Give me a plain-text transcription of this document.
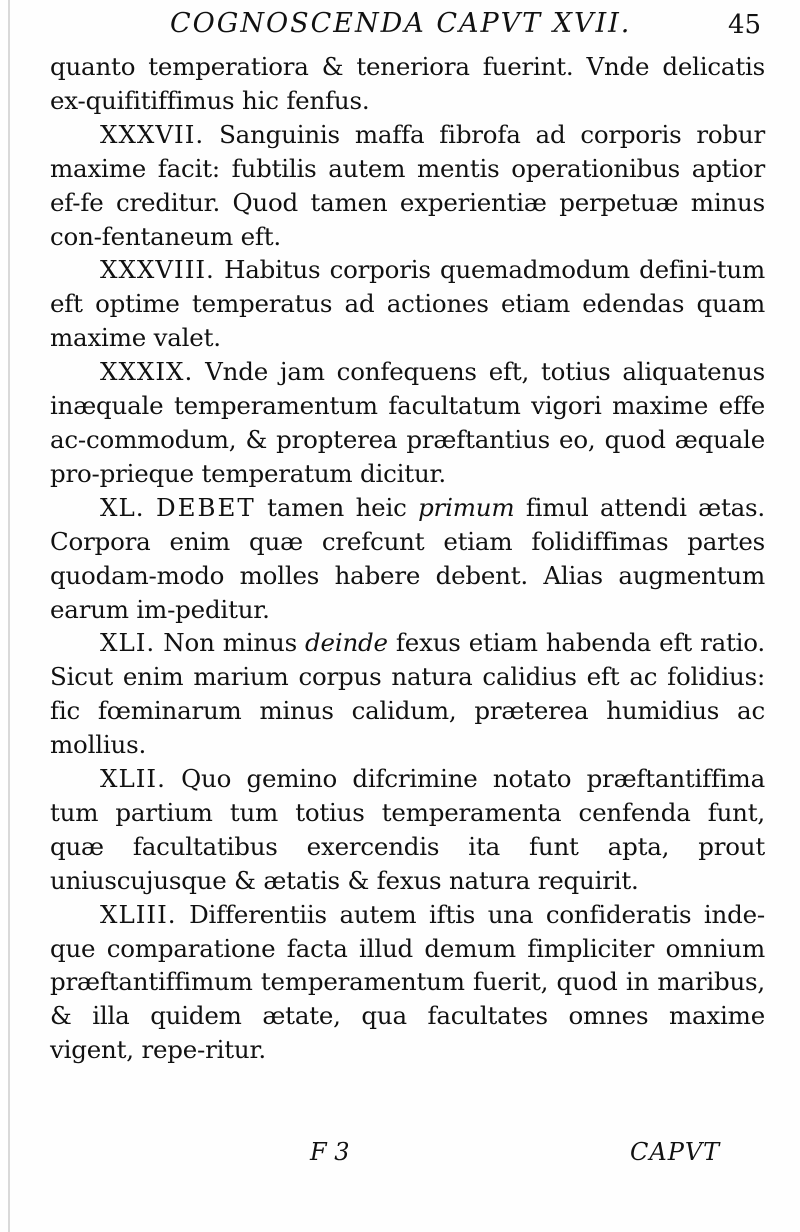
COGNOSCENDA CAPVT XVII.	45

quanto temperatiora & teneriora fuerint. Vnde delicatis ex-quifitiffimus hic fenfus.

XXXVII. Sanguinis maffa fibrofa ad corporis robur maxime facit: fubtilis autem mentis operationibus aptior ef-fe creditur. Quod tamen experientiæ perpetuæ minus con-fentaneum eft.

XXXVIII. Habitus corporis quemadmodum defini-tum eft optime temperatus ad actiones etiam edendas quam maxime valet.

XXXIX. Vnde jam confequens eft, totius aliquatenus inæquale temperamentum facultatum vigori maxime effe ac-commodum, & propterea præftantius eo, quod æquale pro-prieque temperatum dicitur.

XL. DEBET tamen heic primum fimul attendi ætas. Corpora enim quæ crefcunt etiam folidiffimas partes quodam-modo molles habere debent. Alias augmentum earum im-peditur.

XLI. Non minus deinde fexus etiam habenda eft ratio. Sicut enim marium corpus natura calidius eft ac folidius: fic fœminarum minus calidum, præterea humidius ac mollius.

XLII. Quo gemino difcrimine notato præftantiffima tum partium tum totius temperamenta cenfenda funt, quæ facultatibus exercendis ita funt apta, prout uniuscujusque & ætatis & fexus natura requirit.

XLIII. Differentiis autem iftis una confideratis inde-que comparatione facta illud demum fimpliciter omnium præftantiffimum temperamentum fuerit, quod in maribus, & illa quidem ætate, qua facultates omnes maxime vigent, repe-ritur.

F 3	CAPVT
